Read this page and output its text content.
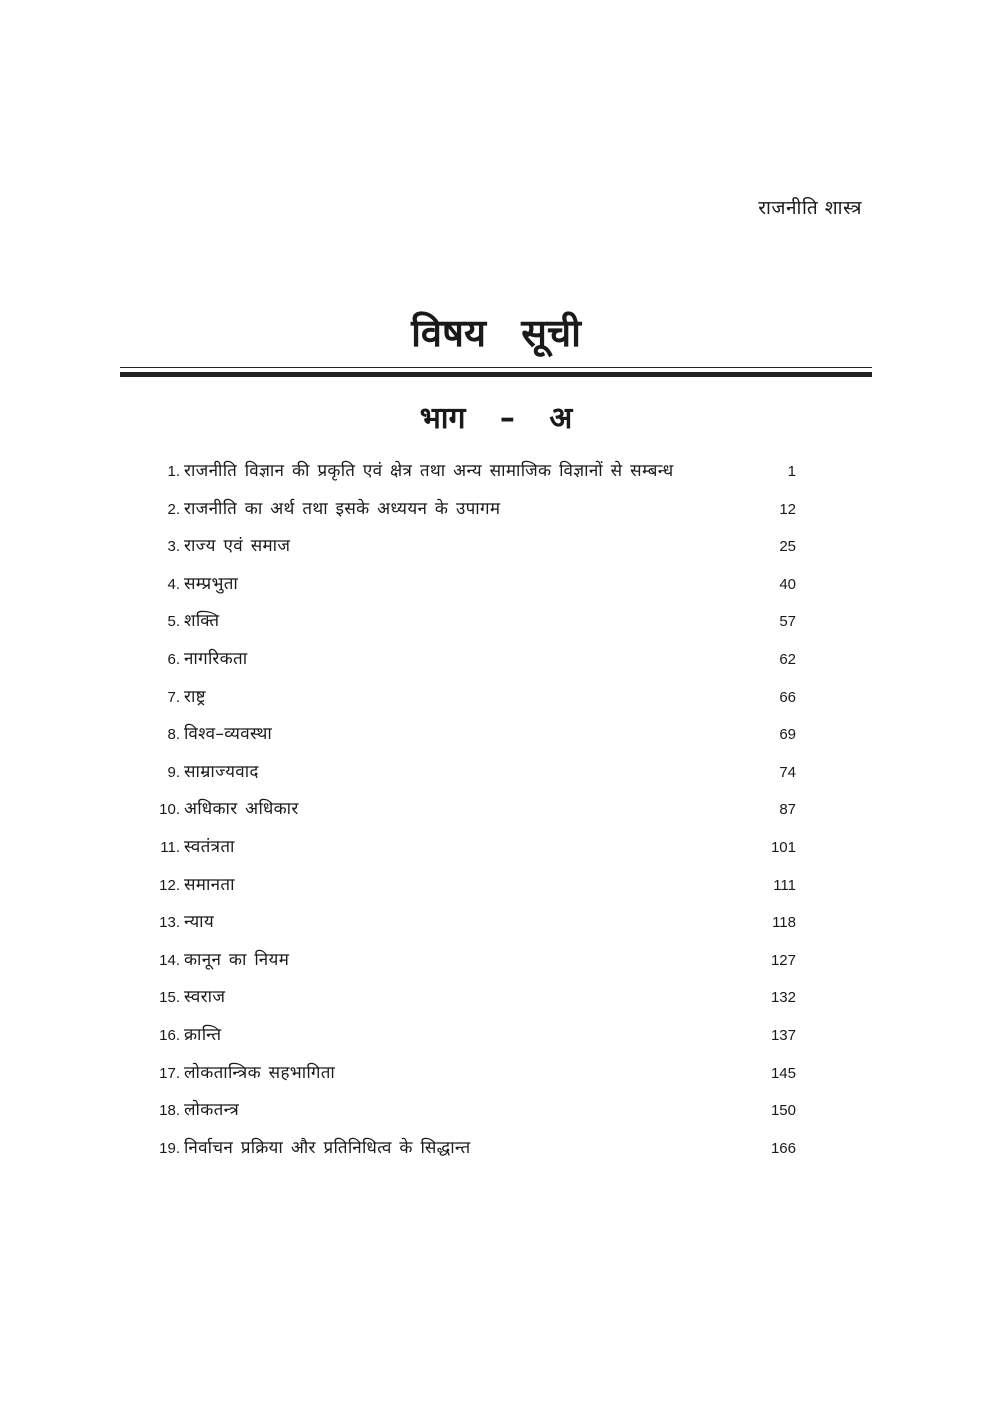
राजनीति शास्त्र
विषय सूची
भाग – अ
1. राजनीति विज्ञान की प्रकृति एवं क्षेत्र तथा अन्य सामाजिक विज्ञानों से सम्बन्ध	1
2. राजनीति का अर्थ तथा इसके अध्ययन के उपागम	12
3. राज्य एवं समाज	25
4. सम्प्रभुता	40
5. शक्ति	57
6. नागरिकता	62
7. राष्ट्र	66
8. विश्व–व्यवस्था	69
9. साम्राज्यवाद	74
10. अधिकार अधिकार	87
11. स्वतंत्रता	101
12. समानता	111
13. न्याय	118
14. कानून का नियम	127
15. स्वराज	132
16. क्रान्ति	137
17. लोकतान्त्रिक सहभागिता	145
18. लोकतन्त्र	150
19. निर्वाचन प्रक्रिया और प्रतिनिधित्व के सिद्धान्त	166
